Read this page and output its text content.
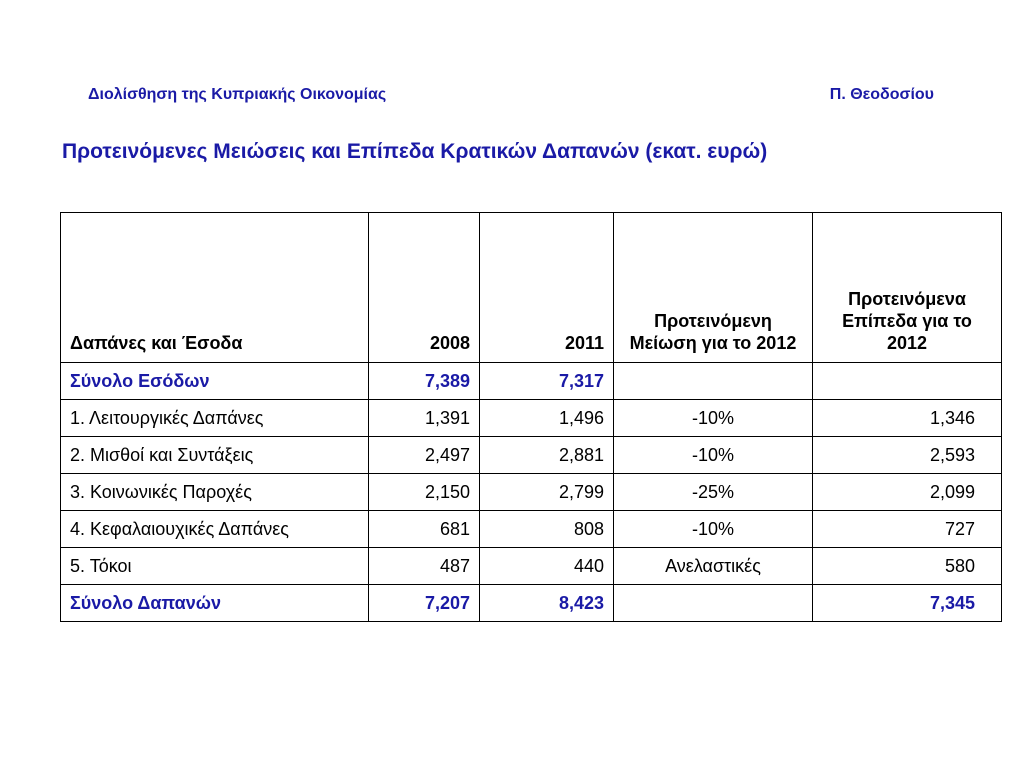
Διολίσθηση της Κυπριακής Οικονομίας	Π. Θεοδοσίου

Προτεινόμενες Μειώσεις και Επίπεδα Κρατικών Δαπανών (εκατ. ευρώ)
Δαπάνες και Έσοδα	2008	2011	Προτεινόμενη Μείωση για το 2012	Προτεινόμενα Επίπεδα για το 2012
Σύνολο Εσόδων	7,389	7,317		
1. Λειτουργικές Δαπάνες	1,391	1,496	-10%	1,346
2. Μισθοί και Συντάξεις	2,497	2,881	-10%	2,593
3. Κοινωνικές Παροχές	2,150	2,799	-25%	2,099
4. Κεφαλαιουχικές Δαπάνες	681	808	-10%	727
5. Τόκοι	487	440	Ανελαστικές	580
Σύνολο Δαπανών	7,207	8,423		7,345
